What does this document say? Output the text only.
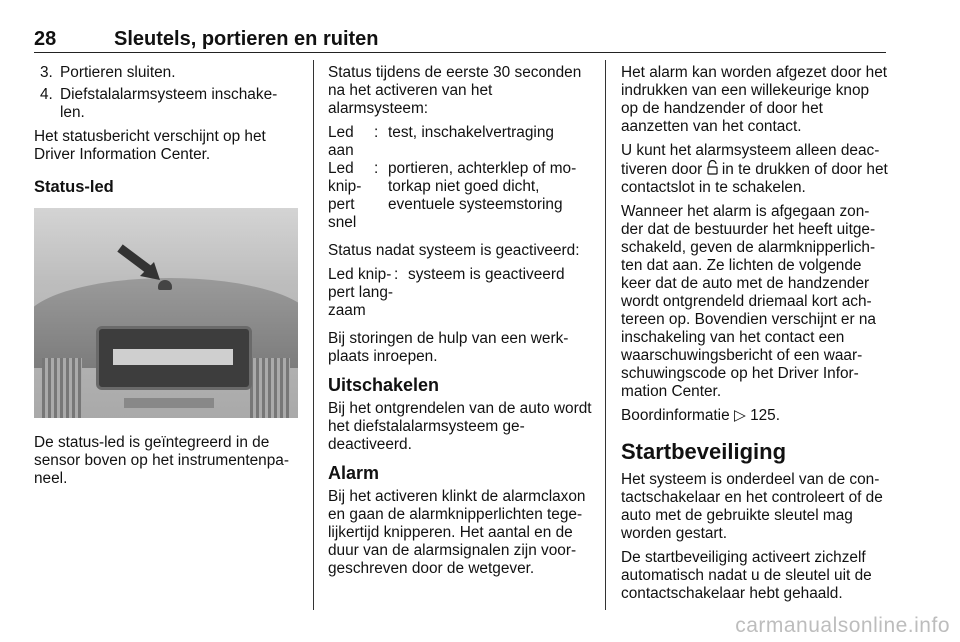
28	Sleutels, portieren en ruiten
3. Portieren sluiten.
4. Diefstalalarmsysteem inschake-len.

Het statusbericht verschijnt op het Driver Information Center.

Status-led

De status-led is geïntegreerd in de sensor boven op het instrumentenpa-neel.

Status tijdens de eerste 30 seconden na het activeren van het alarmsysteem:

Led aan
: test, inschakelvertraging
Led knip-pert snel
: portieren, achterklep of mo-torkap niet goed dicht, eventuele systeemstoring

Status nadat systeem is geactiveerd:

Led knip-pert lang-zaam
: systeem is geactiveerd

Bij storingen de hulp van een werk-plaats inroepen.

Uitschakelen

Bij het ontgrendelen van de auto wordt het diefstalalarmsysteem ge-deactiveerd.

Alarm

Bij het activeren klinkt de alarmclaxon en gaan de alarmknipperlichten tege-lijkertijd knipperen. Het aantal en de duur van de alarmsignalen zijn voor-geschreven door de wetgever.

Het alarm kan worden afgezet door het indrukken van een willekeurige knop op de handzender of door het aanzetten van het contact.

U kunt het alarmsysteem alleen deac-tiveren door in te drukken of door het contactslot in te schakelen.

Wanneer het alarm is afgegaan zon-der dat de bestuurder het heeft uitge-schakeld, geven de alarmknipperlich-ten dat aan. Ze lichten de volgende keer dat de auto met de handzender wordt ontgrendeld driemaal kort ach-tereen op. Bovendien verschijnt er na inschakeling van het contact een waarschuwingsbericht of een waar-schuwingscode op het Driver Infor-mation Center.

Boordinformatie ▷ 125.

Startbeveiliging

Het systeem is onderdeel van de con-tactschakelaar en het controleert of de auto met de gebruikte sleutel mag worden gestart.

De startbeveiliging activeert zichzelf automatisch nadat u de sleutel uit de contactschakelaar hebt gehaald.

carmanualsonline.info
